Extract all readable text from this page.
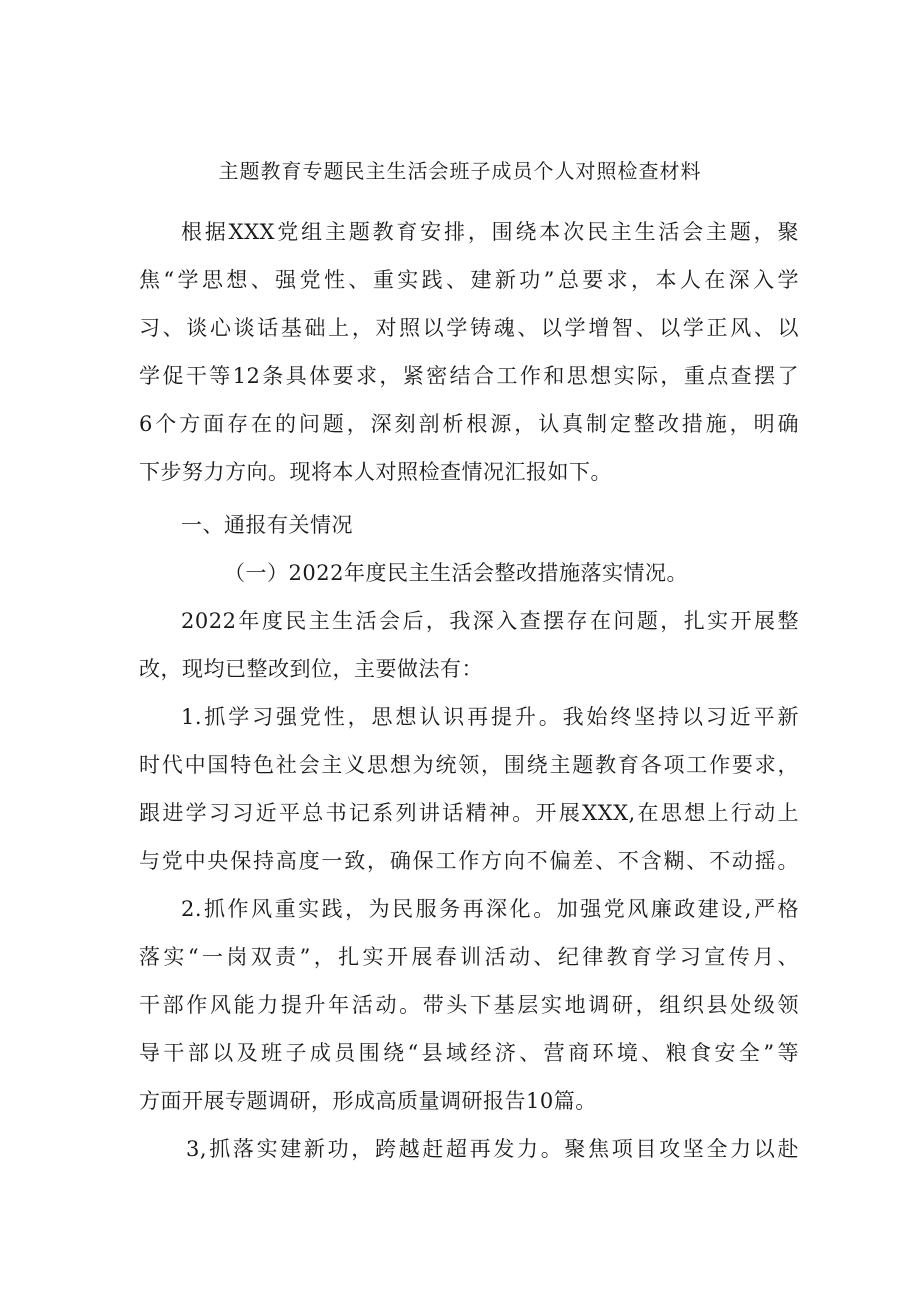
主题教育专题民主生活会班子成员个人对照检查材料
根据XXX党组主题教育安排，围绕本次民主生活会主题，聚
焦“学思想、强党性、重实践、建新功”总要求，本人在深入学
习、谈心谈话基础上，对照以学铸魂、以学增智、以学正风、以
学促干等12条具体要求，紧密结合工作和思想实际，重点查摆了
6个方面存在的问题，深刻剖析根源，认真制定整改措施，明确
下步努力方向。现将本人对照检查情况汇报如下。
一、通报有关情况
（一）2022年度民主生活会整改措施落实情况。
2022年度民主生活会后，我深入查摆存在问题，扎实开展整
改，现均已整改到位，主要做法有：
1.抓学习强党性，思想认识再提升。我始终坚持以习近平新
时代中国特色社会主义思想为统领，围绕主题教育各项工作要求，
跟进学习习近平总书记系列讲话精神。开展XXX,在思想上行动上
与党中央保持高度一致，确保工作方向不偏差、不含糊、不动摇。
2.抓作风重实践，为民服务再深化。加强党风廉政建设,严格
落实“一岗双责”，扎实开展春训活动、纪律教育学习宣传月、
干部作风能力提升年活动。带头下基层实地调研，组织县处级领
导干部以及班子成员围绕“县域经济、营商环境、粮食安全”等
方面开展专题调研，形成高质量调研报告10篇。
3,抓落实建新功，跨越赶超再发力。聚焦项目攻坚全力以赴
